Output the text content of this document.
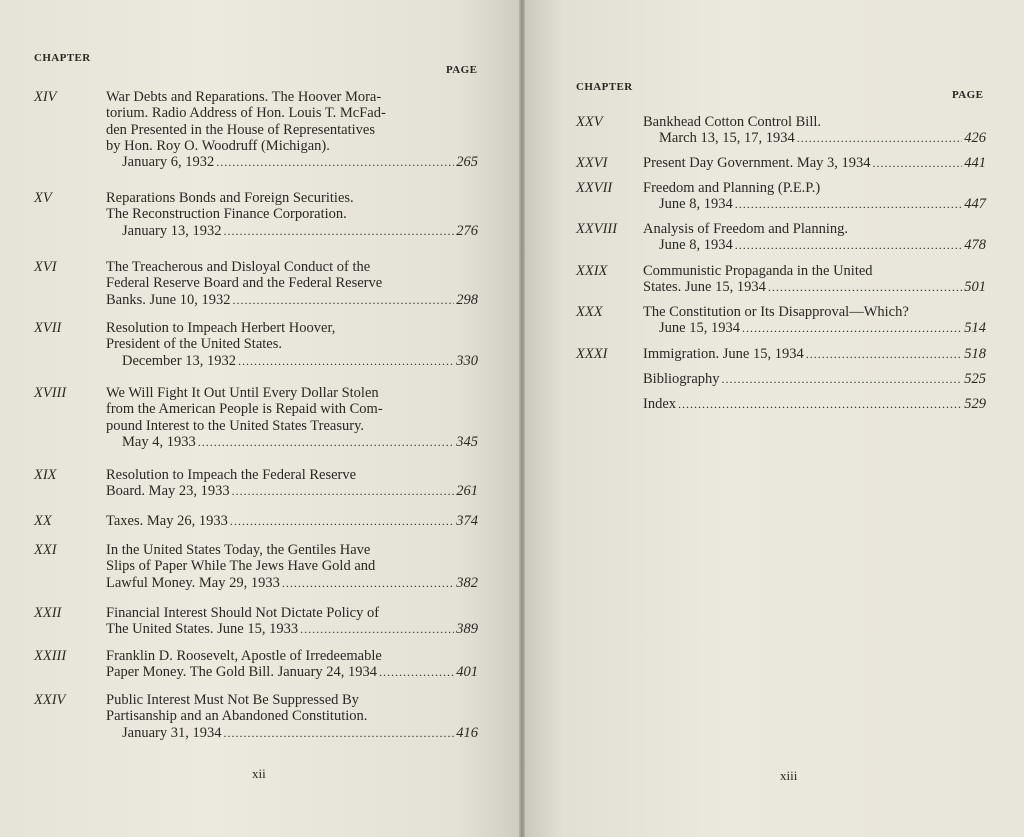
CHAPTER
PAGE
CHAPTER
PAGE
XIV	War Debts and Reparations. The Hoover Mora-
torium. Radio Address of Hon. Louis T. McFad-
den Presented in the House of Representatives
by Hon. Roy O. Woodruff (Michigan).
January 6, 1932 .....	265
XV	Reparations Bonds and Foreign Securities.
The Reconstruction Finance Corporation.
January 13, 1932 .....	276
XVI	The Treacherous and Disloyal Conduct of the
Federal Reserve Board and the Federal Reserve
Banks. June 10, 1932 .....	298
XVII	Resolution to Impeach Herbert Hoover,
President of the United States.
December 13, 1932 .....	330
XVIII	We Will Fight It Out Until Every Dollar Stolen
from the American People is Repaid with Com-
pound Interest to the United States Treasury.
May 4, 1933 .....	345
XIX	Resolution to Impeach the Federal Reserve
Board. May 23, 1933 .....	261
XX	Taxes. May 26, 1933 .....	374
XXI	In the United States Today, the Gentiles Have
Slips of Paper While The Jews Have Gold and
Lawful Money. May 29, 1933 .....	382
XXII	Financial Interest Should Not Dictate Policy of
The United States. June 15, 1933 .....	389
XXIII	Franklin D. Roosevelt, Apostle of Irredeemable
Paper Money. The Gold Bill. January 24, 1934 .....	401
XXIV	Public Interest Must Not Be Suppressed By
Partisanship and an Abandoned Constitution.
January 31, 1934 .....	416
XXV	Bankhead Cotton Control Bill.
March 13, 15, 17, 1934 .....	426
XXVI Present Day Government. May 3, 1934 .....	441
XXVII Freedom and Planning (P.E.P.)
June 8, 1934 .....	447
XXVIII Analysis of Freedom and Planning.
June 8, 1934 .....	478
XXIX Communistic Propaganda in the United
States. June 15, 1934 .....	501
XXX	The Constitution or Its Disapproval—Which?
June 15, 1934 .....	514
XXXI Immigration. June 15, 1934 .....	518
Bibliography .....	525
Index .....	529
xii	xiii
